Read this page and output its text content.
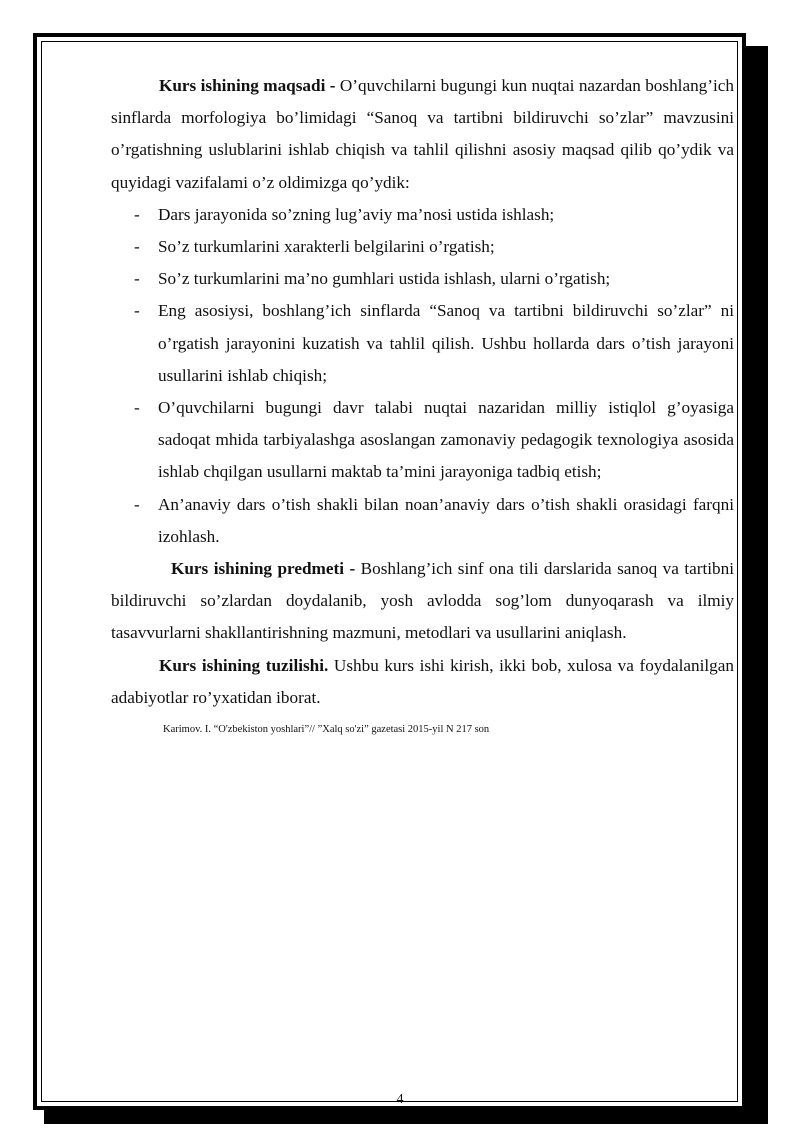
Kurs ishining maqsadi - O’quvchilarni bugungi kun nuqtai nazardan boshlang’ich sinflarda morfologiya bo’limidagi “Sanoq va tartibni bildiruvchi so’zlar” mavzusini o’rgatishning uslublarini ishlab chiqish va tahlil qilishni asosiy maqsad qilib qo’ydik va quyidagi vazifalami o’z oldimizga qo’ydik:

- Dars jarayonida so’zning lug’aviy ma’nosi ustida ishlash;
- So’z turkumlarini xarakterli belgilarini o’rgatish;
- So’z turkumlarini ma’no gumhlari ustida ishlash, ularni o’rgatish;
- Eng asosiysi, boshlang’ich sinflarda “Sanoq va tartibni bildiruvchi so’zlar” ni o’rgatish jarayonini kuzatish va tahlil qilish. Ushbu hollarda dars o’tish jarayoni usullarini ishlab chiqish;
- O’quvchilarni bugungi davr talabi nuqtai nazaridan milliy istiqlol g’oyasiga sadoqat mhida tarbiyalashga asoslangan zamonaviy pedagogik texnologiya asosida ishlab chqilgan usullarni maktab ta’mini jarayoniga tadbiq etish;
- An’anaviy dars o’tish shakli bilan noan’anaviy dars o’tish shakli orasidagi farqni izohlash.

Kurs ishining predmeti - Boshlang’ich sinf ona tili darslarida sanoq va tartibni bildiruvchi so’zlardan doydalanib, yosh avlodda sog’lom dunyoqarash va ilmiy tasavvurlarni shakllantirishning mazmuni, metodlari va usullarini aniqlash.

Kurs ishining tuzilishi. Ushbu kurs ishi kirish, ikki bob, xulosa va foydalanilgan adabiyotlar ro’yxatidan iborat.

Karimov. I. “O'zbekiston yoshlari”// ”Xalq so'zi” gazetasi 2015-yil N 217 son
4
